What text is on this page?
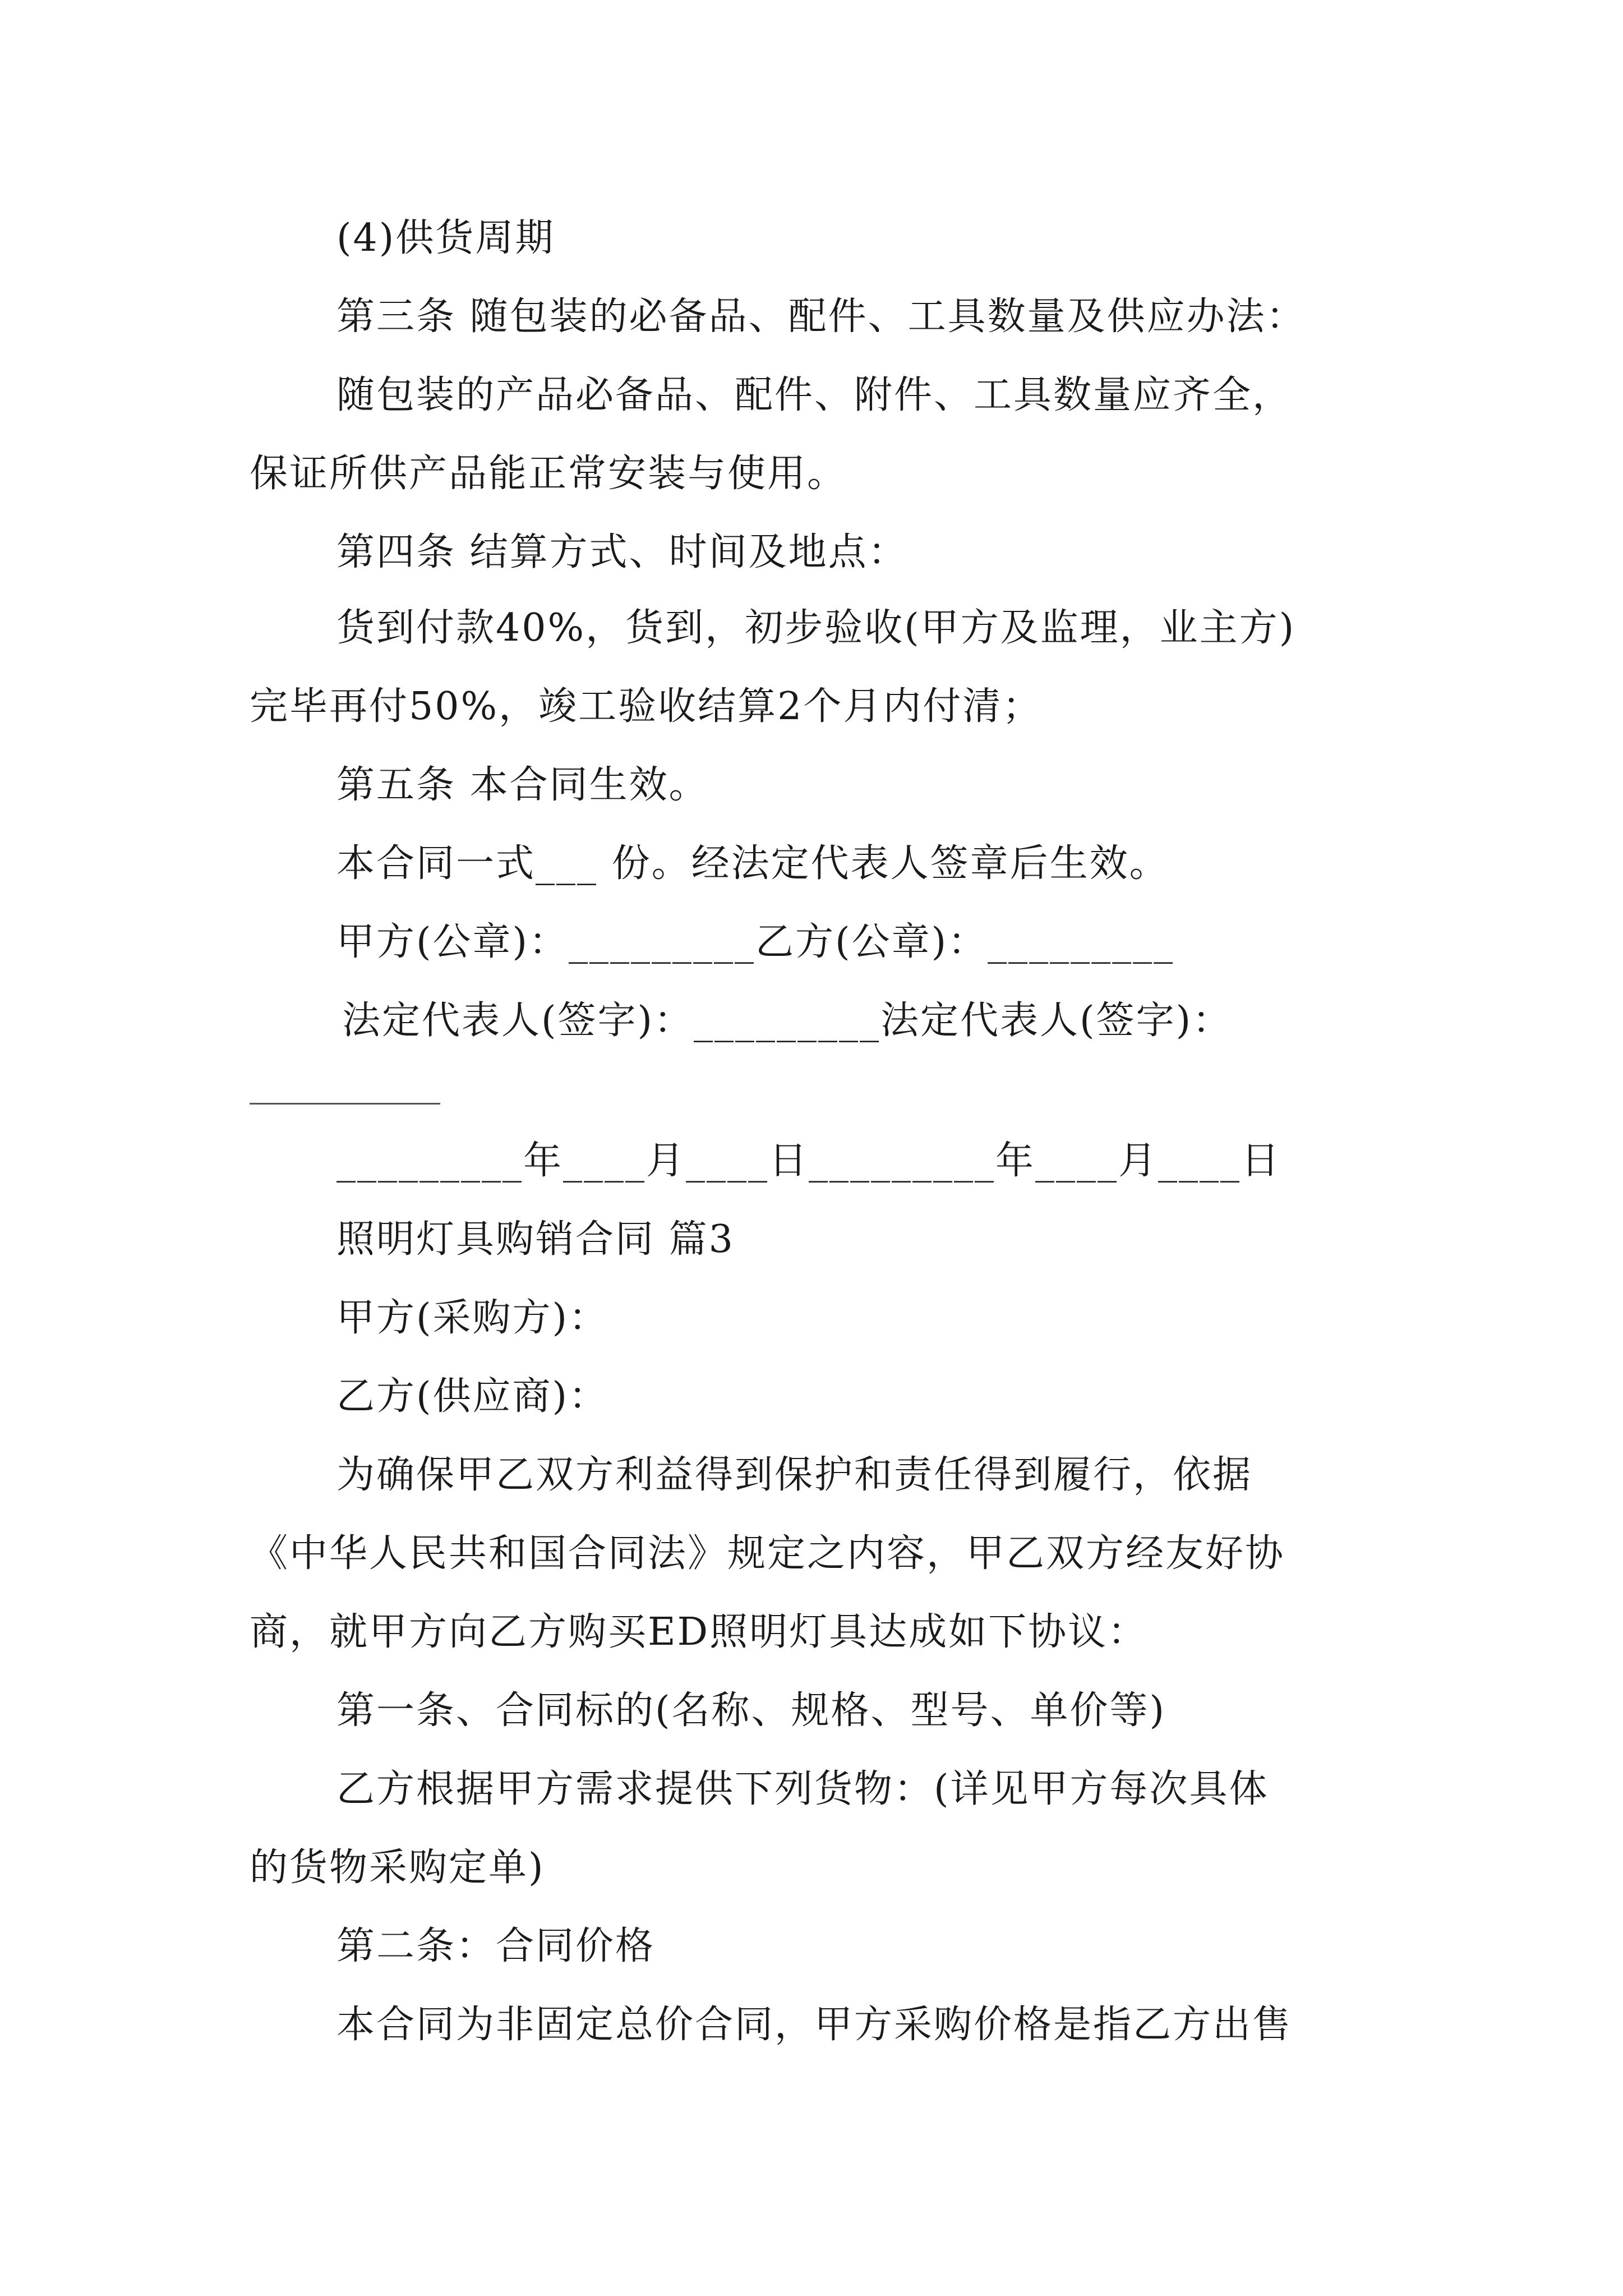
(4)供货周期
第三条 随包装的必备品、配件、工具数量及供应办法：
随包装的产品必备品、配件、附件、工具数量应齐全，
保证所供产品能正常安装与使用。
第四条 结算方式、时间及地点：
货到付款40%，货到，初步验收(甲方及监理，业主方)
完毕再付50%，竣工验收结算2个月内付清；
第五条 本合同生效。
本合同一式___ 份。经法定代表人签章后生效。
甲方(公章)：_________乙方(公章)：_________
法定代表人(签字)：_________法定代表人(签字)：
_________年____月____日_________年____月____日
照明灯具购销合同 篇3
甲方(采购方)：
乙方(供应商)：
为确保甲乙双方利益得到保护和责任得到履行，依据
《中华人民共和国合同法》规定之内容，甲乙双方经友好协
商，就甲方向乙方购买ED照明灯具达成如下协议：
第一条、合同标的(名称、规格、型号、单价等)
乙方根据甲方需求提供下列货物：(详见甲方每次具体
的货物采购定单)
第二条：合同价格
本合同为非固定总价合同，甲方采购价格是指乙方出售
